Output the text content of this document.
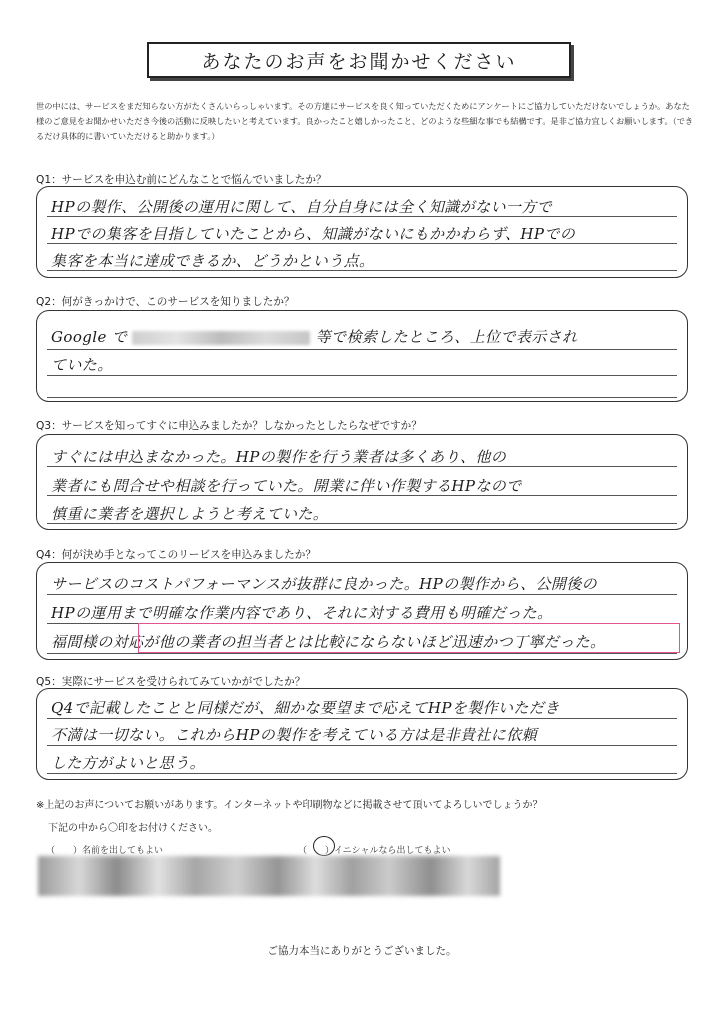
あなたのお声をお聞かせください
世の中には、サービスをまだ知らない方がたくさんいらっしゃいます。その方達にサービスを良く知っていただくためにアンケートにご協力していただけないでしょうか。あなた様のご意見をお聞かせいただき今後の活動に反映したいと考えています。良かったこと嬉しかったこと、どのような些細な事でも結構です。是非ご協力宜しくお願いします。（できるだけ具体的に書いていただけると助かります。）
Q1：サービスを申込む前にどんなことで悩んでいましたか？
HPの製作、公開後の運用に関して、自分自身には全く知識がない一方で
HPでの集客を目指していたことから、知識がないにもかかわらず、HPでの
集客を本当に達成できるか、どうかという点。
Q2：何がきっかけで、このサービスを知りましたか？
Google で	等で検索したところ、上位で表示され
ていた。
Q3：サービスを知ってすぐに申込みましたか？しなかったとしたらなぜですか？
すぐには申込まなかった。HPの製作を行う業者は多くあり、他の
業者にも問合せや相談を行っていた。開業に伴い作製するHPなので
慎重に業者を選択しようと考えていた。
Q4：何が決め手となってこのリービスを申込みましたか？
サービスのコストパフォーマンスが抜群に良かった。HPの製作から、公開後の
HPの運用まで明確な作業内容であり、それに対する費用も明確だった。
福間様の対応が他の業者の担当者とは比較にならないほど迅速かつ丁寧だった。
Q5：実際にサービスを受けられてみていかがでしたか？
Q4で記載したことと同様だが、細かな要望まで応えてHPを製作いただき
不満は一切ない。これからHPの製作を考えている方は是非貴社に依頼
した方がよいと思う。
※上記のお声についてお願いがあります。インターネットや印刷物などに掲載させて頂いてよろしいでしょうか？
下記の中から〇印をお付けください。
（　　）名前を出してもよい	（　　）イニシャルなら出してもよい
ご協力本当にありがとうございました。
